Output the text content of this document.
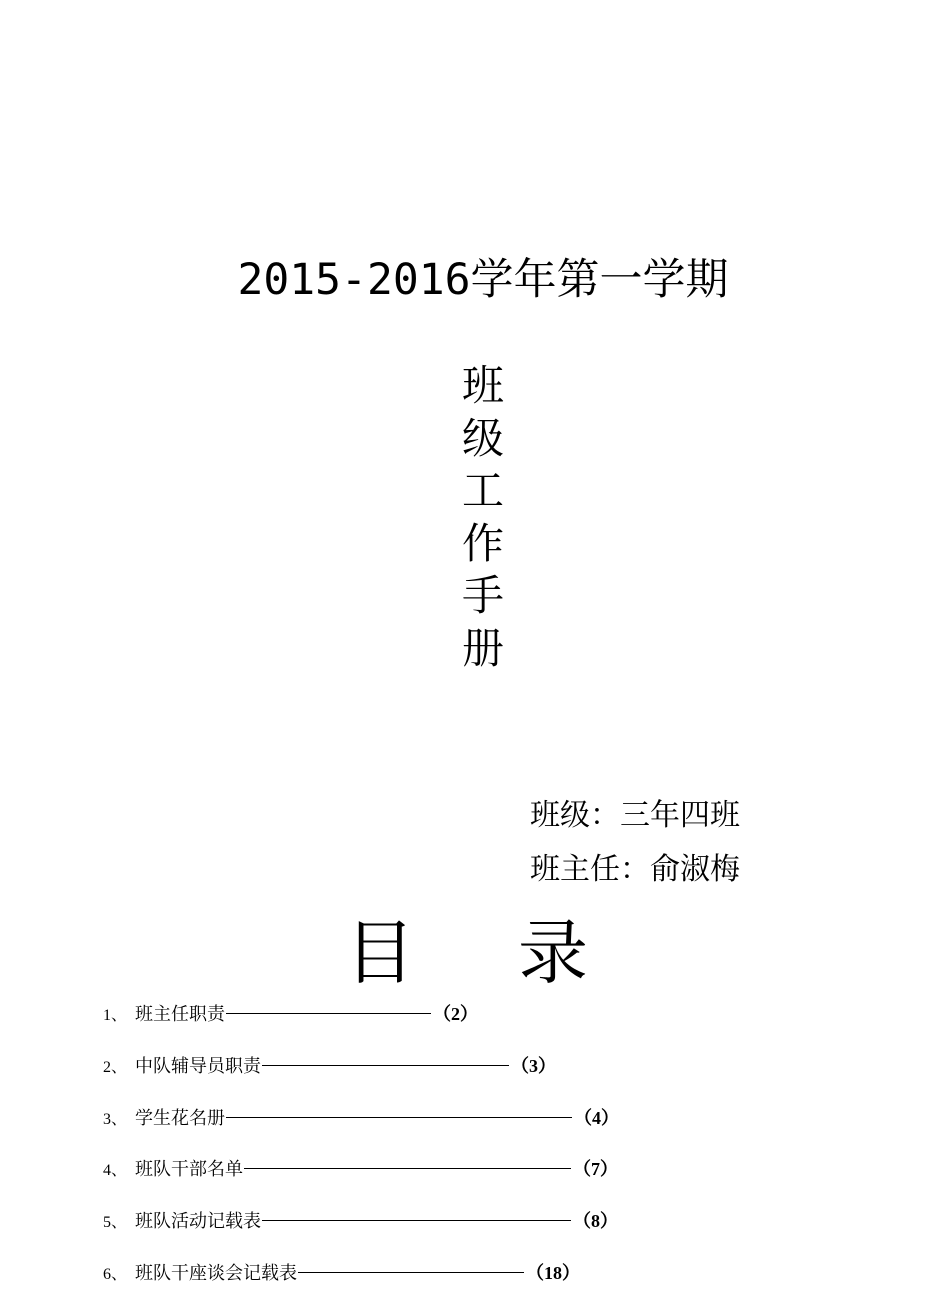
2015-2016学年第一学期
班
级
工
作
手
册
班级：三年四班
班主任：俞淑梅
目 录
1、 班主任职责	（2）
2、 中队辅导员职责	（3）
3、 学生花名册	（4）
4、 班队干部名单	（7）
5、 班队活动记载表	（8）
6、 班队干座谈会记载表	（18）
